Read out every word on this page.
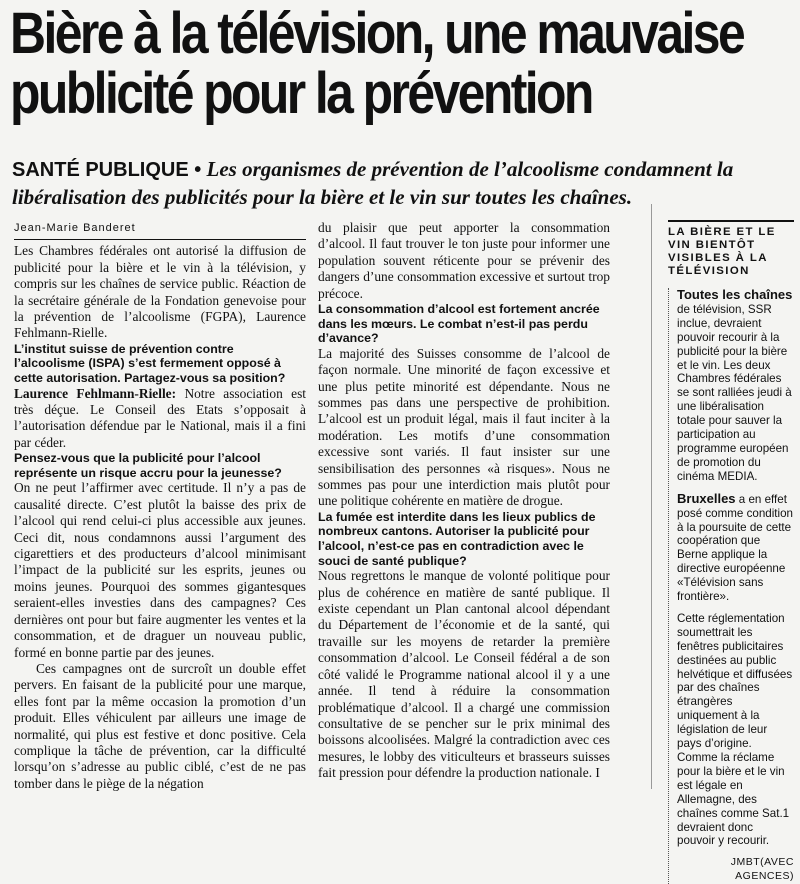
Bière à la télévision, une mauvaise
publicité pour la prévention
SANTÉ PUBLIQUE • Les organismes de prévention de l’alcoolisme condamnent la libéralisation des publicités pour la bière et le vin sur toutes les chaînes.
Jean-Marie Banderet

Les Chambres fédérales ont autorisé la diffusion de publicité pour la bière et le vin à la télévision, y compris sur les chaînes de service public. Réaction de la secrétaire générale de la Fondation genevoise pour la prévention de l’alcoolisme (FGPA), Laurence Fehlmann-Rielle.

L’institut suisse de prévention contre l’alcoolisme (ISPA) s’est fermement opposé à cette autorisation. Partagez-vous sa position?

Laurence Fehlmann-Rielle: Notre association est très déçue. Le Conseil des Etats s’opposait à l’autorisation défendue par le National, mais il a fini par céder.

Pensez-vous que la publicité pour l’alcool représente un risque accru pour la jeunesse?

On ne peut l’affirmer avec certitude. Il n’y a pas de causalité directe. C’est plutôt la baisse des prix de l’alcool qui rend celui-ci plus accessible aux jeunes. Ceci dit, nous condamnons aussi l’argument des cigarettiers et des producteurs d’alcool minimisant l’impact de la publicité sur les esprits, jeunes ou moins jeunes. Pourquoi des sommes gigantesques seraient-elles investies dans des campagnes? Ces dernières ont pour but faire augmenter les ventes et la consommation, et de draguer un nouveau public, formé en bonne partie par des jeunes.

Ces campagnes ont de surcroît un double effet pervers. En faisant de la publicité pour une marque, elles font par la même occasion la promotion d’un produit. Elles véhiculent par ailleurs une image de normalité, qui plus est festive et donc positive. Cela complique la tâche de prévention, car la difficulté lorsqu’on s’adresse au public ciblé, c’est de ne pas tomber dans le piège de la négation

du plaisir que peut apporter la consommation d’alcool. Il faut trouver le ton juste pour informer une population souvent réticente pour se prévenir des dangers d’une consommation excessive et surtout trop précoce.

La consommation d’alcool est fortement ancrée dans les mœurs. Le combat n’est-il pas perdu d’avance?

La majorité des Suisses consomme de l’alcool de façon normale. Une minorité de façon excessive et une plus petite minorité est dépendante. Nous ne sommes pas dans une perspective de prohibition. L’alcool est un produit légal, mais il faut inciter à la modération. Les motifs d’une consommation excessive sont variés. Il faut insister sur une sensibilisation des personnes «à risques». Nous ne sommes pas pour une interdiction mais plutôt pour une politique cohérente en matière de drogue.

La fumée est interdite dans les lieux publics de nombreux cantons. Autoriser la publicité pour l’alcool, n’est-ce pas en contradiction avec le souci de santé publique?

Nous regrettons le manque de volonté politique pour plus de cohérence en matière de santé publique. Il existe cependant un Plan cantonal alcool dépendant du Département de l’économie et de la santé, qui travaille sur les moyens de retarder la première consommation d’alcool. Le Conseil fédéral a de son côté validé le Programme national alcool il y a une année. Il tend à réduire la consommation problématique d’alcool. Il a chargé une commission consultative de se pencher sur le prix minimal des boissons alcoolisées. Malgré la contradiction avec ces mesures, le lobby des viticulteurs et brasseurs suisses fait pression pour défendre la production nationale. I

LA BIÈRE ET LE VIN BIENTÔT VISIBLES À LA TÉLÉVISION

Toutes les chaînes de télévision, SSR inclue, devraient pouvoir recourir à la publicité pour la bière et le vin. Les deux Chambres fédérales se sont ralliées jeudi à une libéralisation totale pour sauver la participation au programme européen de promotion du cinéma MEDIA.

Bruxelles a en effet posé comme condition à la poursuite de cette coopération que Berne applique la directive européenne «Télévision sans frontière».

Cette réglementation soumettrait les fenêtres publicitaires destinées au public helvétique et diffusées par des chaînes étrangères uniquement à la législation de leur pays d’origine. Comme la réclame pour la bière et le vin est légale en Allemagne, des chaînes comme Sat.1 devraient donc pouvoir y recourir.

JMBT(AVEC AGENCES)
